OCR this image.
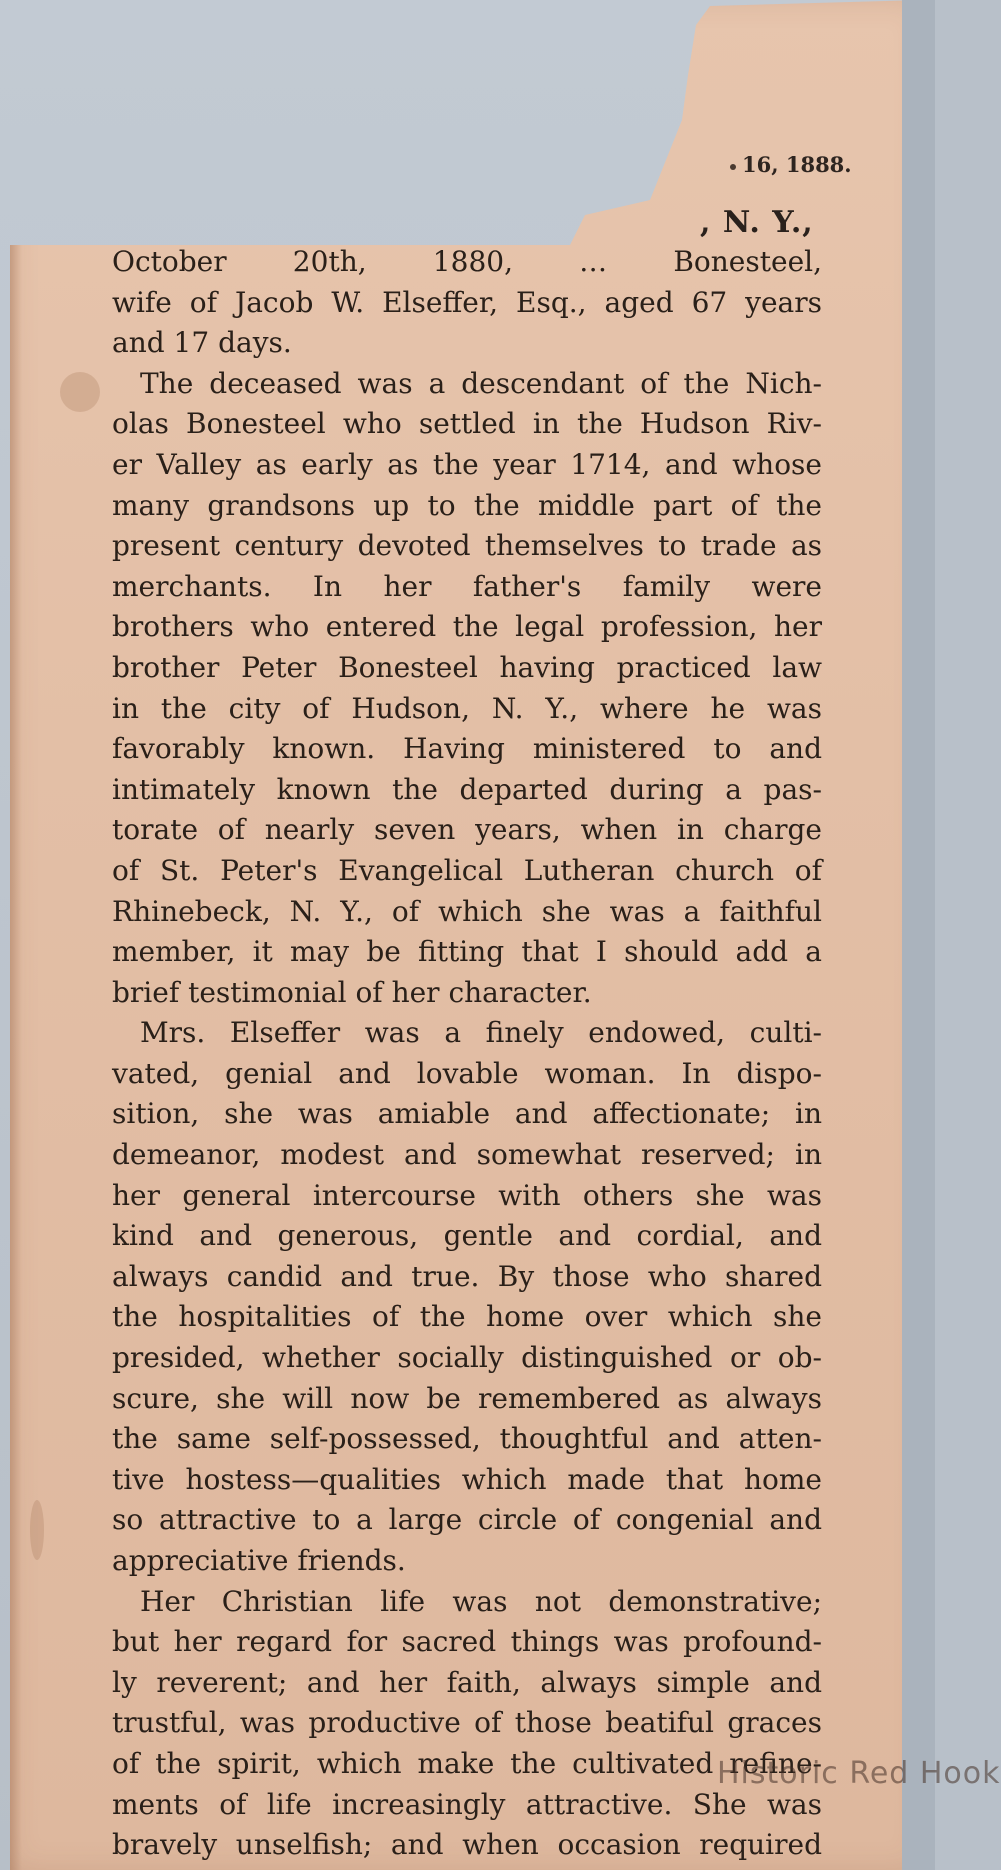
16, 1888.
, N. Y.,
October 20th, 1880, … Bonesteel,
wife of Jacob W. Elseffer, Esq., aged 67 years
and 17 days.
The deceased was a descendant of the Nich-
olas Bonesteel who settled in the Hudson Riv-
er Valley as early as the year 1714, and whose
many grandsons up to the middle part of the
present century devoted themselves to trade as
merchants. In her father's family were
brothers who entered the legal profession, her
brother Peter Bonesteel having practiced law
in the city of Hudson, N. Y., where he was
favorably known. Having ministered to and
intimately known the departed during a pas-
torate of nearly seven years, when in charge
of St. Peter's Evangelical Lutheran church of
Rhinebeck, N. Y., of which she was a faithful
member, it may be fitting that I should add a
brief testimonial of her character.
Mrs. Elseffer was a finely endowed, culti-
vated, genial and lovable woman. In dispo-
sition, she was amiable and affectionate; in
demeanor, modest and somewhat reserved; in
her general intercourse with others she was
kind and generous, gentle and cordial, and
always candid and true. By those who shared
the hospitalities of the home over which she
presided, whether socially distinguished or ob-
scure, she will now be remembered as always
the same self-possessed, thoughtful and atten-
tive hostess—qualities which made that home
so attractive to a large circle of congenial and
appreciative friends.
Her Christian life was not demonstrative;
but her regard for sacred things was profound-
ly reverent; and her faith, always simple and
trustful, was productive of those beatiful graces
of the spirit, which make the cultivated refine-
ments of life increasingly attractive. She was
bravely unselfish; and when occasion required
Historic Red Hook
